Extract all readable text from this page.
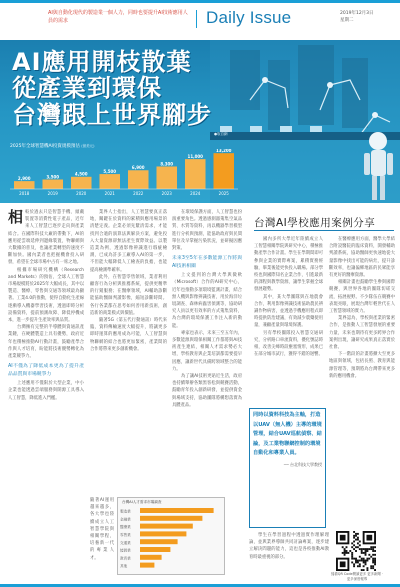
AI與自動化現代的製造業一個人力，同時也要提升AI技術應用人員的需求	Daily Issue	2019年12月3日
星期二
AI應用開枝散葉
從產業到環保
台灣跟上世界腳步
●取自網
2025年全球智慧機AI投資規模預估 (億美元)
2,900
2018
3,500
2019
4,500
2020
5,500
2021
6,900
2022
8,300
2023
11,000
2024
13,200
2025

相較於過去只是智慧手機、頭戴裝置等消費性電子產品，近年來人工智慧已逐步走向與產業結合。在國際科技大廠的帶動下，AI的應用從雲端延伸到邊緣裝置，物聯網與大數據的普及，也讓產業轉型的速度不斷加快。國內業者也把握機會投入研發，希望在全球市場中占有一席之地。

根據市場研究機構（Research and Markets）的預估，全球人工智慧市場規模將於2025年大幅成長，其中以製造、醫療、零售與交通等領域最為顯著。工業4.0的推動，使得自動化生產線逐漸導入機器學習技術，透過即時分析設備資料，提前預測故障、降低停機成本，進一步提升生產效率與品質。

台灣擁有完整的半導體與資通訊產業鏈，在硬體製造上具有優勢，政府近年也積極推動AI行動計畫，鼓勵產學合作與人才培育，盼能將技術優勢轉化為產業競爭力。

AI不僅為了降低成本更為了提升產品品質與市場競爭力

上述應用不僅限於大型企業，中小企業也能透過雲端服務與開源工具導入人工智慧，降低進入門檻。

業界人士指出，人工智慧要真正落地，關鍵在於資料的累積與應用場景的清楚定義。企業必須先釐清需求，才能找到合適的演算法與解決方案，避免投入大量資源卻無法產生實際效益。以製造業為例，透過影像辨識進行瑕疵檢測，已成為許多工廠導入AI的第一步，不但能大幅降低人工檢查的負擔，也能提高檢測準確率。

此外，在智慧零售領域，業者利用顧客行為分析與推薦系統，提供更精準的行銷服務；在醫療領域，AI輔助診斷能協助醫師判讀影像，縮短診斷時間。各行各業都在思考如何善用新技術，創造新的商業模式與價值。

隨著5G（第五代行動通訊）時代來臨，資料傳輸速度大幅提升，將讓更多即時運算的應用成為可能，人工智慧與物聯網的結合也將更加緊密，產業間的合作將帶來更多創新機會。

在環境保護方面，人工智慧也扮演重要角色。透過感測器蒐集空氣品質、水質等資料，再以機器學習模型進行分析與預測，能協助政府與民間單位及早掌握污染狀況，並研擬因應對策。

未來3至5年在多數能源工作將與AI技術相關

上文提到的台灣大學與微軟（Microsoft）合作的AI研究中心，近年也推動多項環境監測計畫，結合無人機與影像辨識技術，用於海洋垃圾調查、森林病蟲害偵測等，協助研究人員以更有效率的方式蒐集資料，為台灣的環境保護工作注入新的動能。

專家也表示，未來三至五年內，多數能源與環保相關工作都將與AI技術產生連結，相關人才需求勢必大增，學校教育與企業培訓都需要提早因應，讓新世代具備跨領域整合的能力。

為了讓AI技術更貼近生活，政府也持續舉辦各類黑客松與競賽活動，鼓勵青年投入創新研發，並提供資金與場域支持，協助團隊將構想落實為具體產品。

台灣AI人才需求市場調查
製造業
金融業
醫療業
零售業
交通業
能源業
教育業
其他

隨著AI運用越來越多，各大學也陸續成立人工智慧學院與相關學程，培養新一代的專業人才。

台灣AI學校應用案例分享

國內多所大學近年陸續成立人工智慧相關學院與研究中心，積極推動產學合作計畫。學生在學期間即可參與企業的實際專案，累積實務經驗，畢業後能更快投入職場。部分學校也與國際知名企業合作，引進最新的課程與教學資源，讓學生掌握全球發展趨勢。

其中，某大學團隊與在地農會合作，利用影像辨識技術協助農民辨識作物病害，並透過手機應用程式即時提供防治建議，有效減少農藥使用量，兼顧產量與環境保護。

另有學校團隊投入智慧交通研究，分析路口車流資料，優化號誌時相，改善尖峰時段壅塞情形，成果已在部分城市試行，獲得不錯的迴響。

在醫療應用方面，醫學大學結合附設醫院的臨床資料，開發輔助判讀系統，協助醫師更快速地從大量影像中找出可能的病灶，提升診斷效率，也讓偏鄉地區的民眾能享有更好的醫療資源。

相關計畫也鼓勵學生參與國際競賽，與世界各地的團隊切磋交流，拓展視野。不少隊伍在競賽中表現亮眼，展現台灣年輕世代在人工智慧領域的實力。

業界認為，學校與產業的緊密合作，是推動人工智慧發展的重要力量，未來也期待有更多跨界合作案例出現，讓研究成果真正落實於社會。

下一階段的計畫將擴大至更多地區與領域，包括長照、教育與能源管理等，預期將為台灣帶來更多新的應用機會。

同時以資料科技為主軸，打造以UAV（無人機）主導的環境管理，結合UAV巡航偵察、結論，及工業物聯網控制的環境自動化和專業人員。
── 台北科技大學教授

學生在學習過程中透過實作理解理論，並與業界導師共同討論專案，逐步建立解決問題的能力，這也是各校推動AI教育時最重視的部分。

掃描QR Code閱讀更多 更多新聞 · 更多深度報導
